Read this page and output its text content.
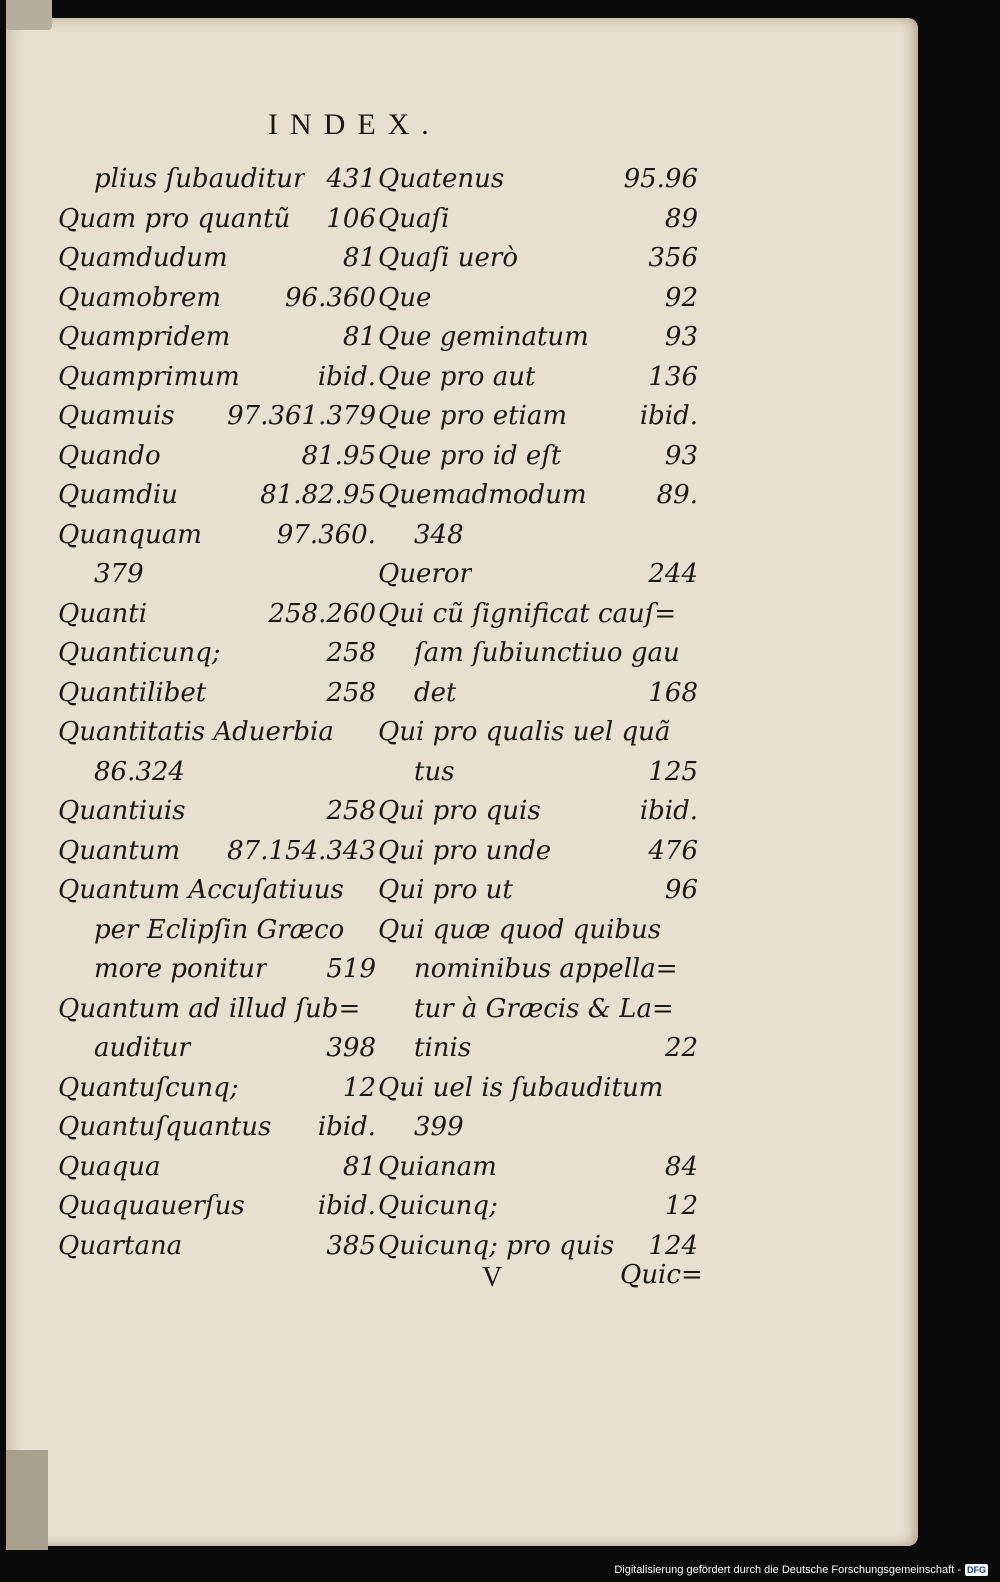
INDEX.
plius ſubauditur 431
Quam pro quantũ	106
Quamdudum	81
Quamobrem	96.360
Quampridem	81
Quamprimum	ibid.
Quamuis	97.361.379
Quando	81.95
Quamdiu	81.82.95
Quanquam	97.360.
379
Quanti	258.260
Quanticunq;	258
Quantilibet	258
Quantitatis Aduerbia
86.324
Quantiuis	258
Quantum	87.154.343
Quantum Accuſatiuus
per Eclipſin Græco
more ponitur	519
Quantum ad illud ſub=
auditur	398
Quantuſcunq;	12
Quantuſquantus	ibid.
Quaqua	81
Quaquauerſus	ibid.
Quartana	385
Quatenus	95.96
Quaſi	89
Quaſi uerò	356
Que	92
Que geminatum	93
Que pro aut	136
Que pro etiam	ibid.
Que pro id eſt	93
Quemadmodum	89.
348
Queror	244
Qui cũ ſignificat cauſ=
ſam ſubiunctiuo gau
det	168
Qui pro qualis uel quã
tus	125
Qui pro quis	ibid.
Qui pro unde	476
Qui pro ut	96
Qui quæ quod quibus
nominibus appella=
tur à Græcis & La=
tinis	22
Qui uel is ſubauditum
399
Quianam	84
Quicunq;	12
Quicunq; pro quis	124
V	Quic=
Digitalisierung gefördert durch die Deutsche Forschungsgemeinschaft - DFG
